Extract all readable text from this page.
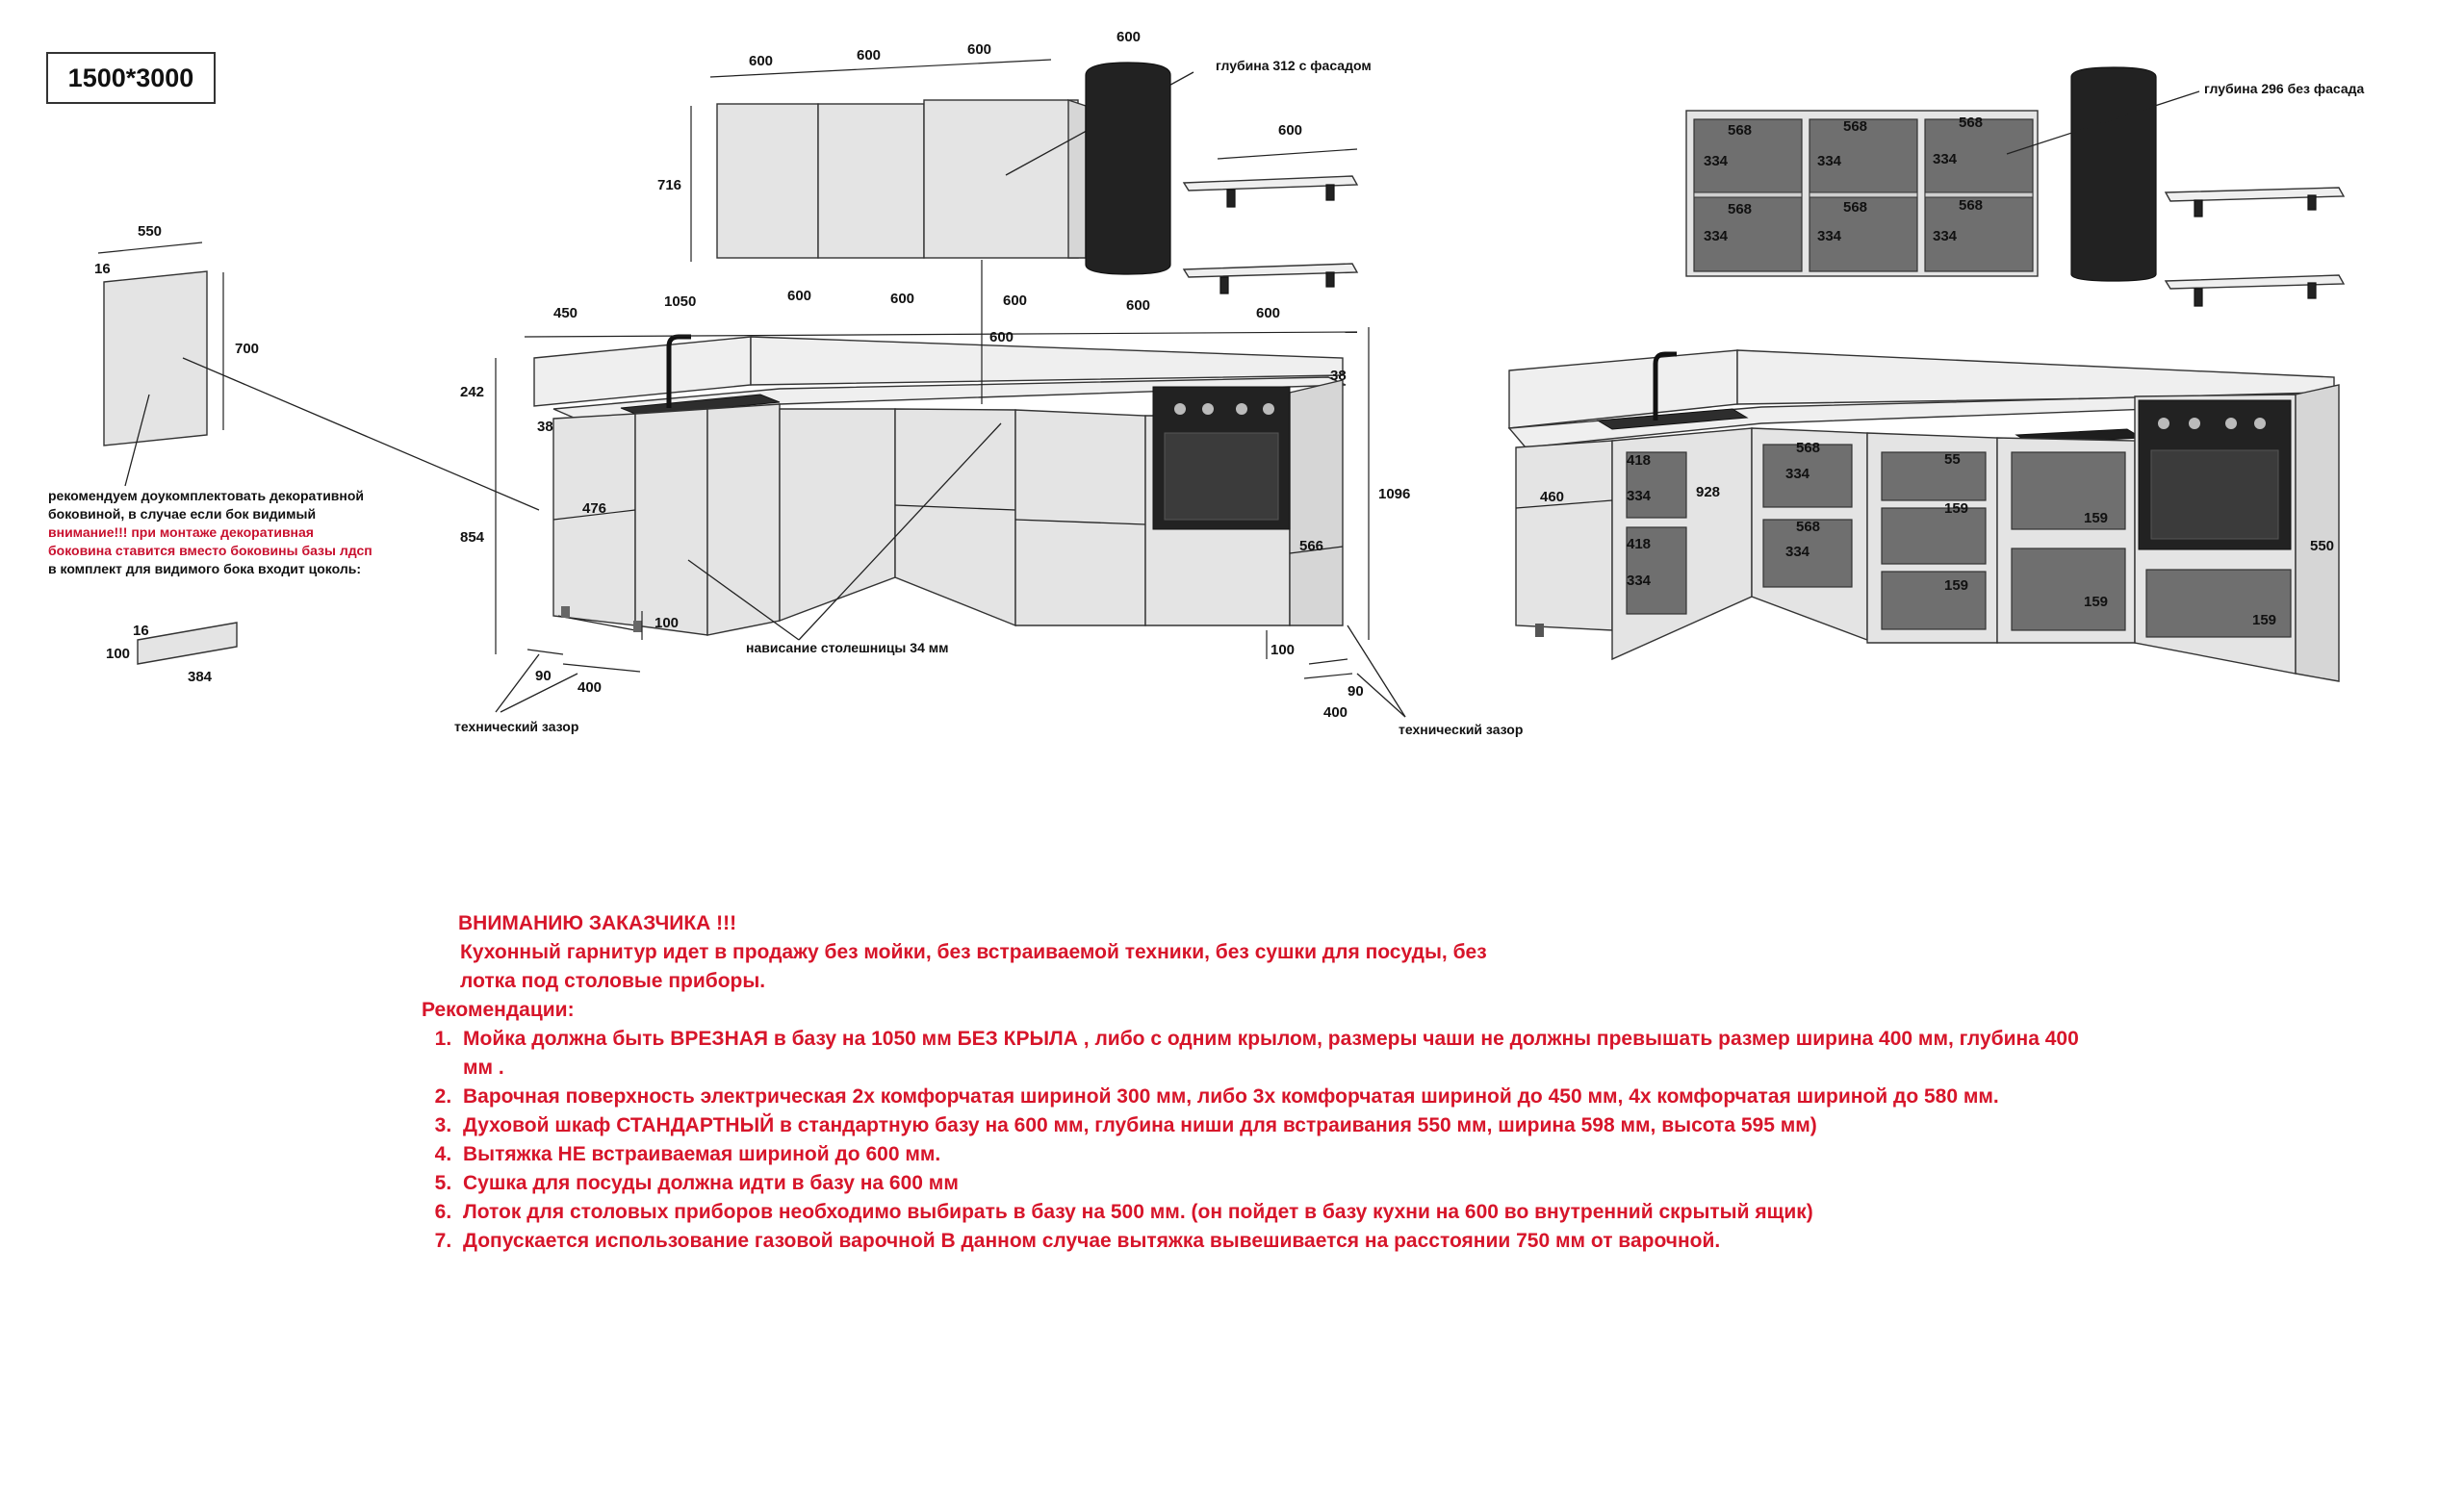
1500*3000
550
16
700
рекомендуем доукомплектовать декоративной
боковиной, в случае если бок видимый
внимание!!! при монтаже декоративная
боковина ставится вместо боковины базы лдсп
в комплект для видимого бока входит цоколь:
16
100
384
600	600	600
716
600
глубина 312 с фасадом
600
450
1050	600	600	600	600	600
600
242
38
38
854
476
1096
566
100
100
нависание столешницы 34 мм
90
400
технический зазор
90
400
технический зазор
568	568	568
568	568	568
334	334	334
334	334	334
глубина 296 без фасада
418
334
418
334
460	928
568
334
568
334
55
159
159
159
159
159
550
ВНИМАНИЮ ЗАКАЗЧИКА !!!
Кухонный гарнитур идет в продажу без мойки, без встраиваемой техники, без сушки для посуды, без
лотка под столовые приборы.
Рекомендации:
1. Мойка должна быть ВРЕЗНАЯ в базу на 1050 мм БЕЗ КРЫЛА , либо с одним крылом, размеры чаши не должны превышать размер ширина 400 мм, глубина 400 мм .
2. Варочная поверхность электрическая 2х комфорчатая шириной 300 мм, либо 3х комфорчатая шириной до 450 мм, 4х комфорчатая шириной до 580 мм.
3. Духовой шкаф СТАНДАРТНЫЙ в стандартную базу на 600 мм, глубина ниши для встраивания 550 мм, ширина 598 мм, высота 595 мм)
4. Вытяжка НЕ встраиваемая шириной до 600 мм.
5. Сушка для посуды должна идти в базу на 600 мм
6. Лоток для столовых приборов необходимо выбирать в базу на 500 мм. (он пойдет в базу кухни на 600 во внутренний скрытый ящик)
7. Допускается использование газовой варочной В данном случае вытяжка вывешивается на расстоянии 750 мм от варочной.
